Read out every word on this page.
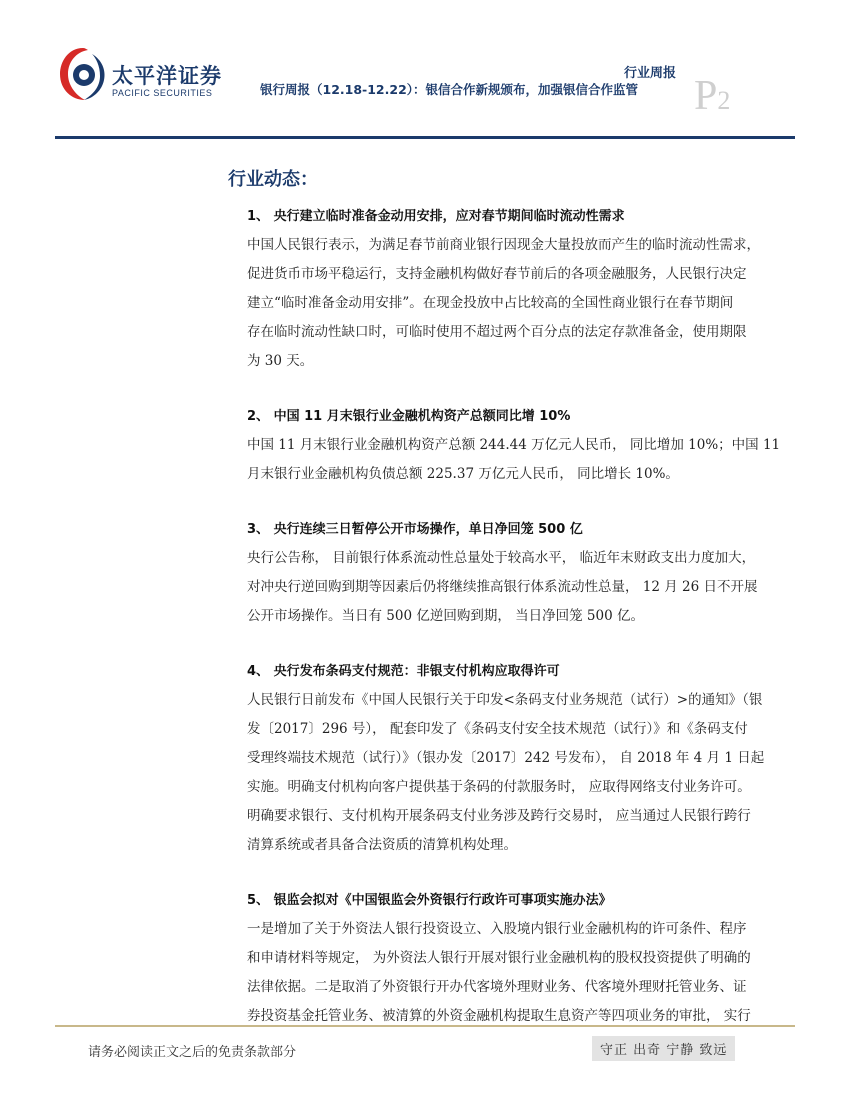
太平洋证券
PACIFIC SECURITIES
行业周报
银行周报（12.18-12.22）：银信合作新规颁布，加强银信合作监管 P2
行业动态：
1、 央行建立临时准备金动用安排，应对春节期间临时流动性需求
中国人民银行表示，为满足春节前商业银行因现金大量投放而产生的临时流动性需求，
促进货币市场平稳运行，支持金融机构做好春节前后的各项金融服务，人民银行决定
建立“临时准备金动用安排”。在现金投放中占比较高的全国性商业银行在春节期间
存在临时流动性缺口时，可临时使用不超过两个百分点的法定存款准备金，使用期限
为 30 天。
2、 中国 11 月末银行业金融机构资产总额同比增 10%
中国 11 月末银行业金融机构资产总额 244.44 万亿元人民币， 同比增加 10%；中国 11
月末银行业金融机构负债总额 225.37 万亿元人民币， 同比增长 10%。
3、 央行连续三日暂停公开市场操作，单日净回笼 500 亿
央行公告称， 目前银行体系流动性总量处于较高水平， 临近年末财政支出力度加大，
对冲央行逆回购到期等因素后仍将继续推高银行体系流动性总量， 12 月 26 日不开展
公开市场操作。当日有 500 亿逆回购到期， 当日净回笼 500 亿。
4、 央行发布条码支付规范：非银支付机构应取得许可
人民银行日前发布《中国人民银行关于印发<条码支付业务规范（试行）>的通知》（银
发〔2017〕296 号）， 配套印发了《条码支付安全技术规范（试行）》和《条码支付
受理终端技术规范（试行）》（银办发〔2017〕242 号发布）， 自 2018 年 4 月 1 日起
实施。明确支付机构向客户提供基于条码的付款服务时， 应取得网络支付业务许可。
明确要求银行、支付机构开展条码支付业务涉及跨行交易时， 应当通过人民银行跨行
清算系统或者具备合法资质的清算机构处理。
5、 银监会拟对《中国银监会外资银行行政许可事项实施办法》
一是增加了关于外资法人银行投资设立、入股境内银行业金融机构的许可条件、程序
和申请材料等规定， 为外资法人银行开展对银行业金融机构的股权投资提供了明确的
法律依据。二是取消了外资银行开办代客境外理财业务、代客境外理财托管业务、证
券投资基金托管业务、被清算的外资金融机构提取生息资产等四项业务的审批， 实行
请务必阅读正文之后的免责条款部分	守正 出奇 宁静 致远
